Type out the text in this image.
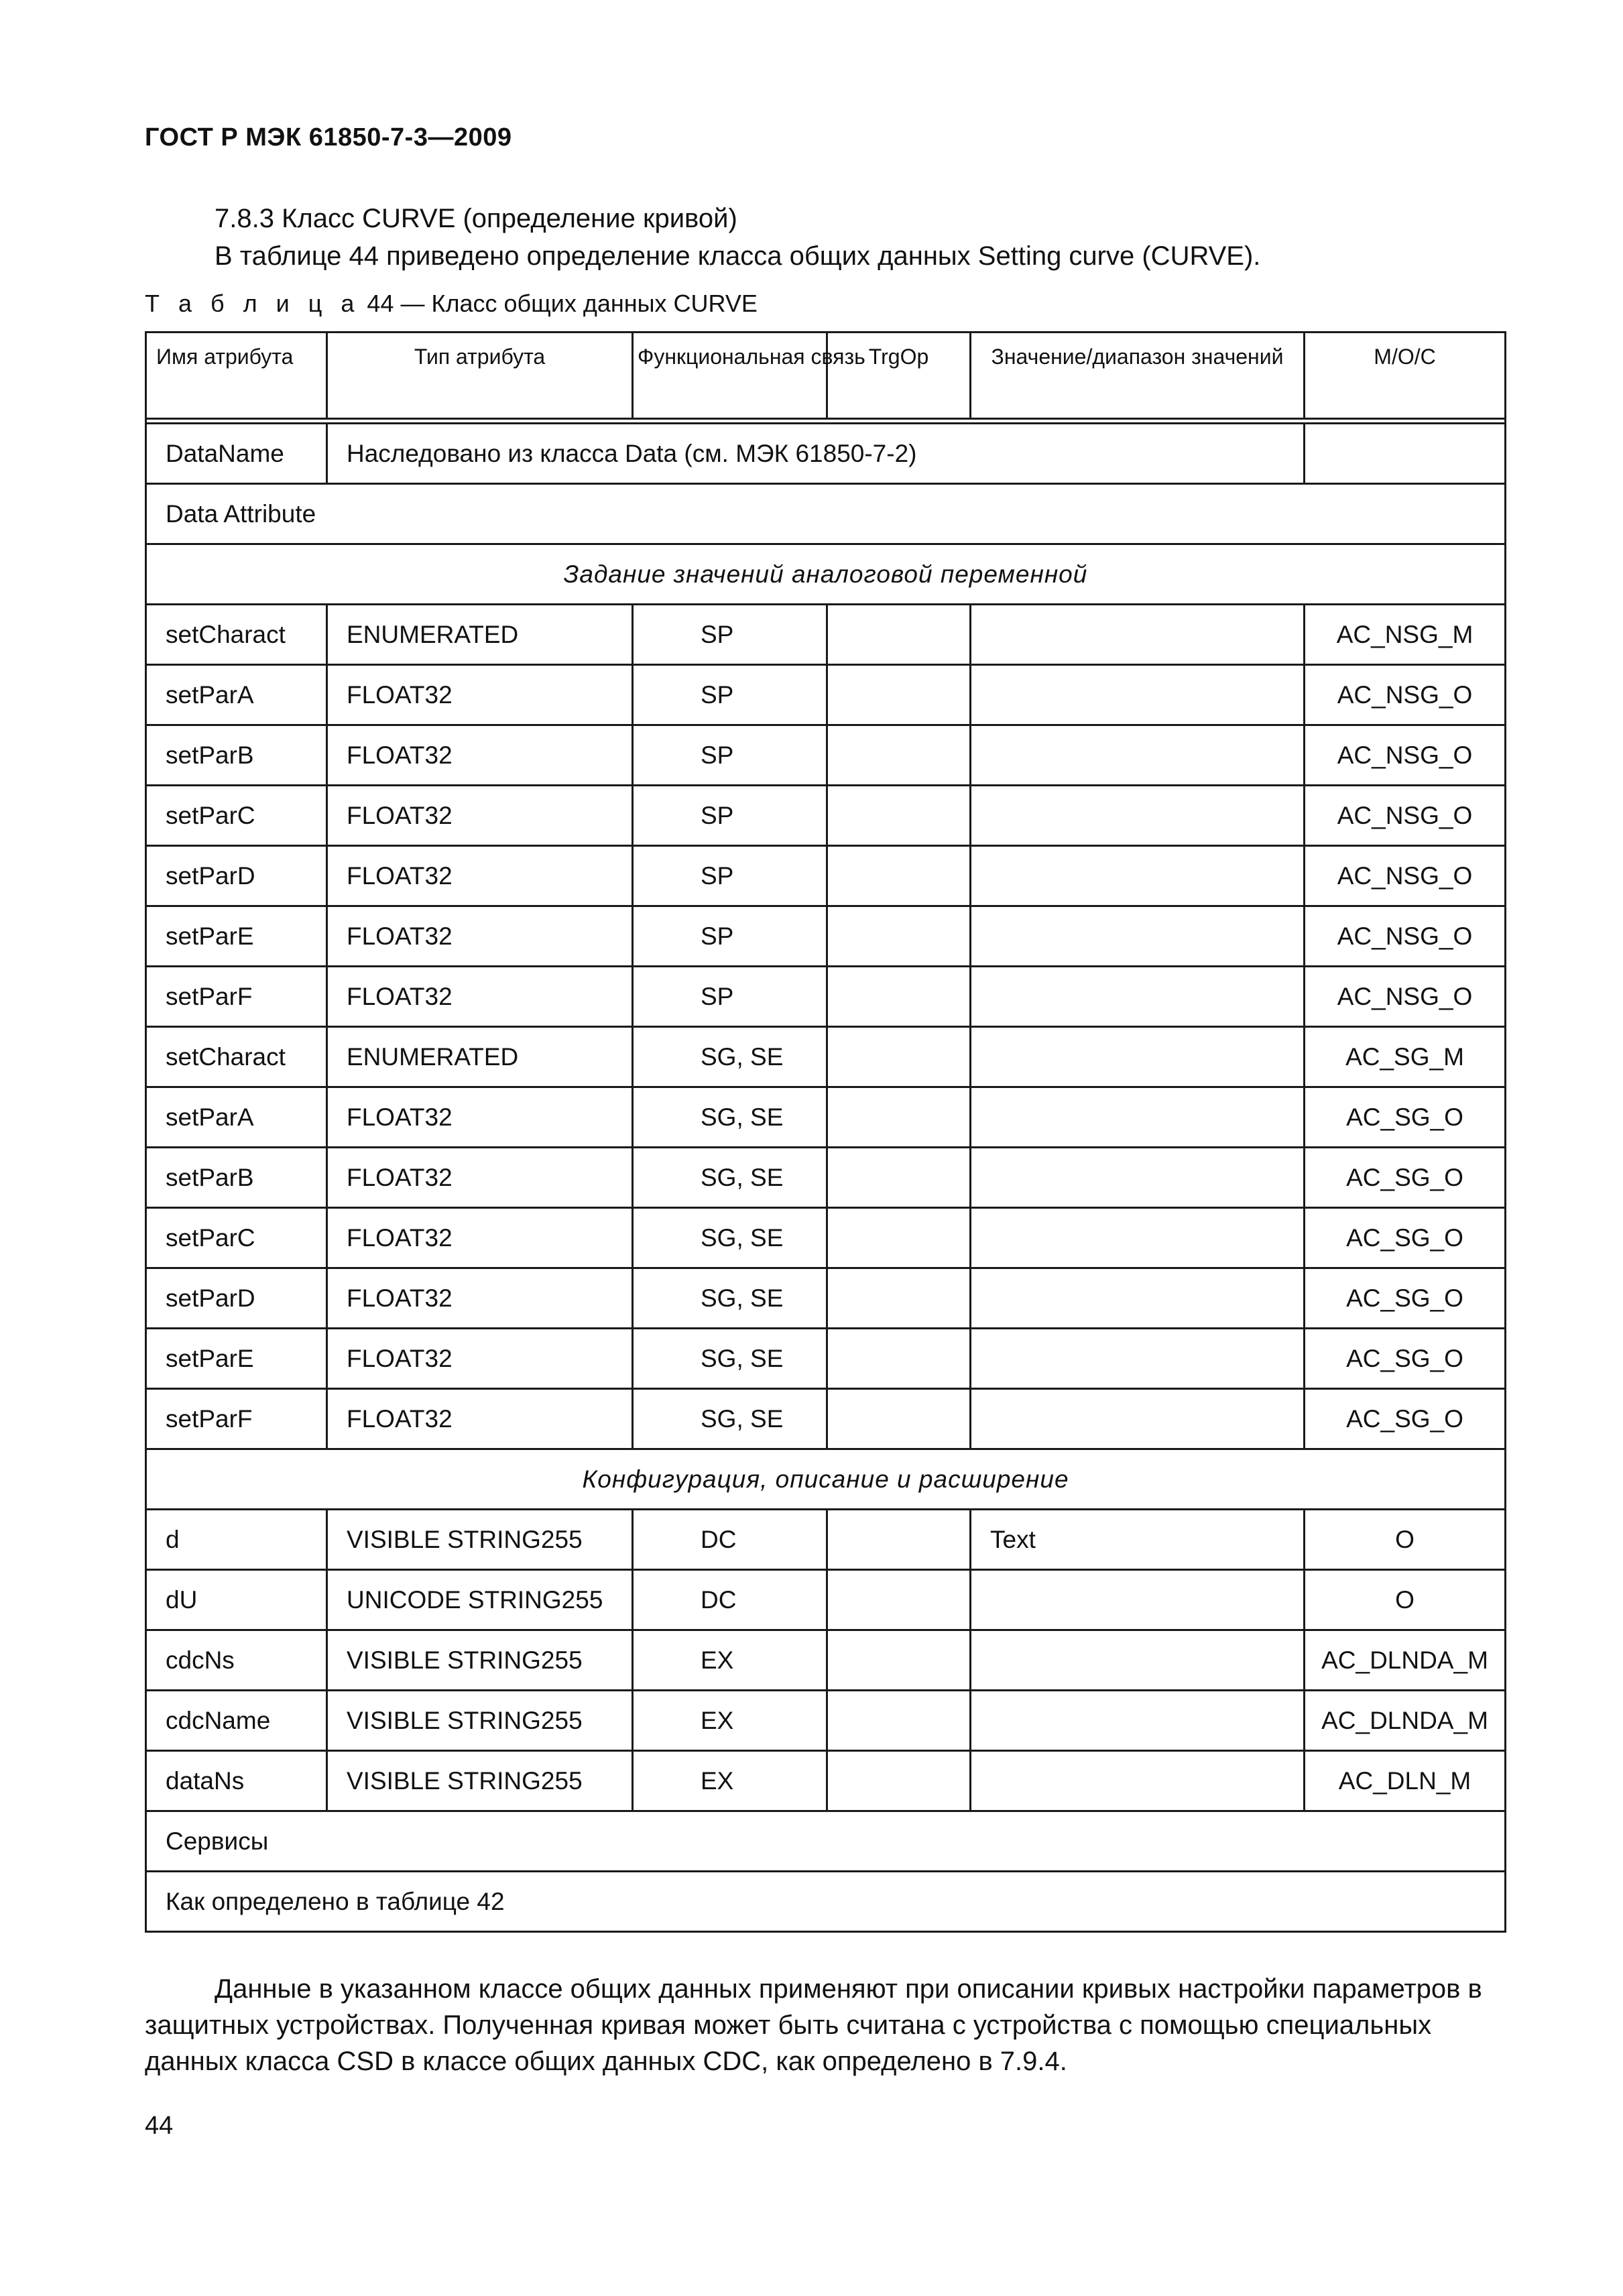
ГОСТ Р МЭК 61850-7-3—2009
7.8.3 Класс CURVE (определение кривой)
В таблице 44 приведено определение класса общих данных Setting curve (CURVE).
Т а б л и ц а 44 — Класс общих данных CURVE
Имя атрибута	Тип атрибута	Функциональная связь	TrgOp	Значение/диапазон значений	M/O/C

DataName	Наследовано из класса Data (см. МЭК 61850-7-2)				
Data Attribute					
Задание значений аналоговой переменной					
setCharact	ENUMERATED	SP			AC_NSG_M
setParA	FLOAT32	SP			AC_NSG_O
setParB	FLOAT32	SP			AC_NSG_O
setParC	FLOAT32	SP			AC_NSG_O
setParD	FLOAT32	SP			AC_NSG_O
setParE	FLOAT32	SP			AC_NSG_O
setParF	FLOAT32	SP			AC_NSG_O
setCharact	ENUMERATED	SG, SE			AC_SG_M
setParA	FLOAT32	SG, SE			AC_SG_O
setParB	FLOAT32	SG, SE			AC_SG_O
setParC	FLOAT32	SG, SE			AC_SG_O
setParD	FLOAT32	SG, SE			AC_SG_O
setParE	FLOAT32	SG, SE			AC_SG_O
setParF	FLOAT32	SG, SE			AC_SG_O
Конфигурация, описание и расширение					
d	VISIBLE STRING255	DC		Text	O
dU	UNICODE STRING255	DC			O
cdcNs	VISIBLE STRING255	EX			AC_DLNDA_M
cdcName	VISIBLE STRING255	EX			AC_DLNDA_M
dataNs	VISIBLE STRING255	EX			AC_DLN_M
Сервисы					
Как определено в таблице 42					
Данные в указанном классе общих данных применяют при описании кривых настройки параметров в
защитных устройствах. Полученная кривая может быть считана с устройства с помощью специальных
данных класса CSD в классе общих данных CDC, как определено в 7.9.4.
44
